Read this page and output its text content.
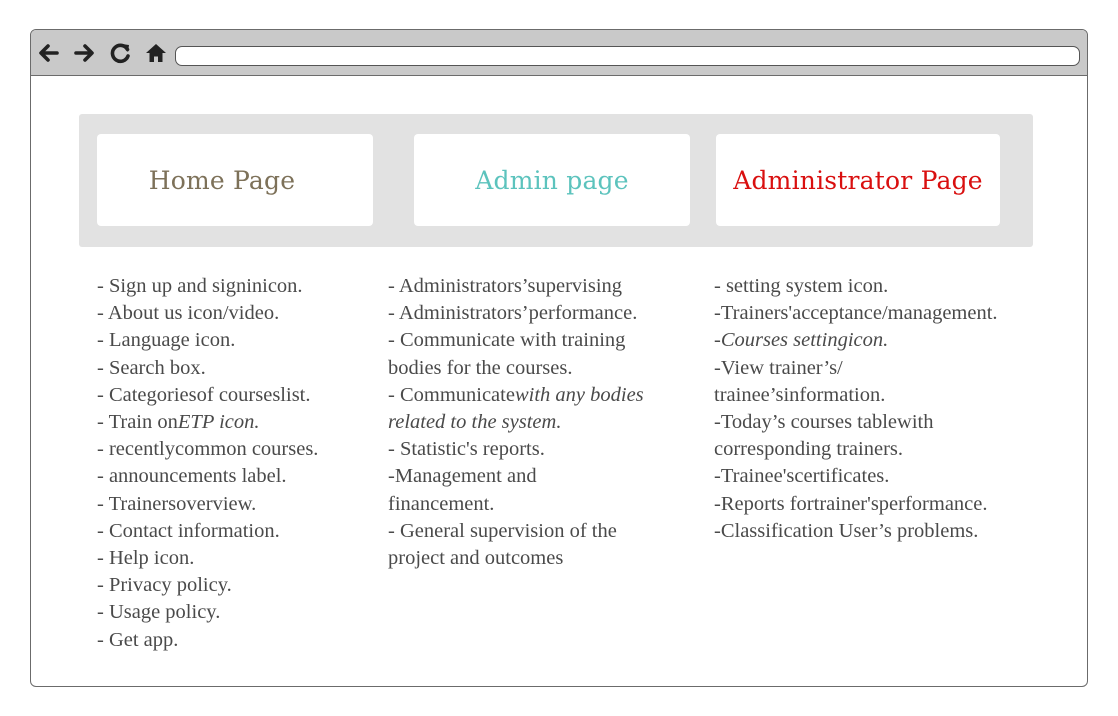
Home Page	Admin page	Administrator Page
- Sign up and signinicon.
- About us icon/video.
- Language icon.
- Search box.
- Categoriesof courseslist.
- Train onETP icon.
- recentlycommon courses.
- announcements label.
- Trainersoverview.
- Contact information.
- Help icon.
- Privacy policy.
- Usage policy.
- Get app.
- Administrators’supervising
- Administrators’performance.
- Communicate with training
bodies for the courses.
- Communicatewith any bodies
related to the system.
- Statistic's reports.
-Management and
financement.
- General supervision of the
project and outcomes
- setting system icon.
-Trainers'acceptance/management.
-Courses settingicon.
-View trainer’s/
trainee’sinformation.
-Today’s courses tablewith
corresponding trainers.
-Trainee'scertificates.
-Reports fortrainer'sperformance.
-Classification User’s problems.
